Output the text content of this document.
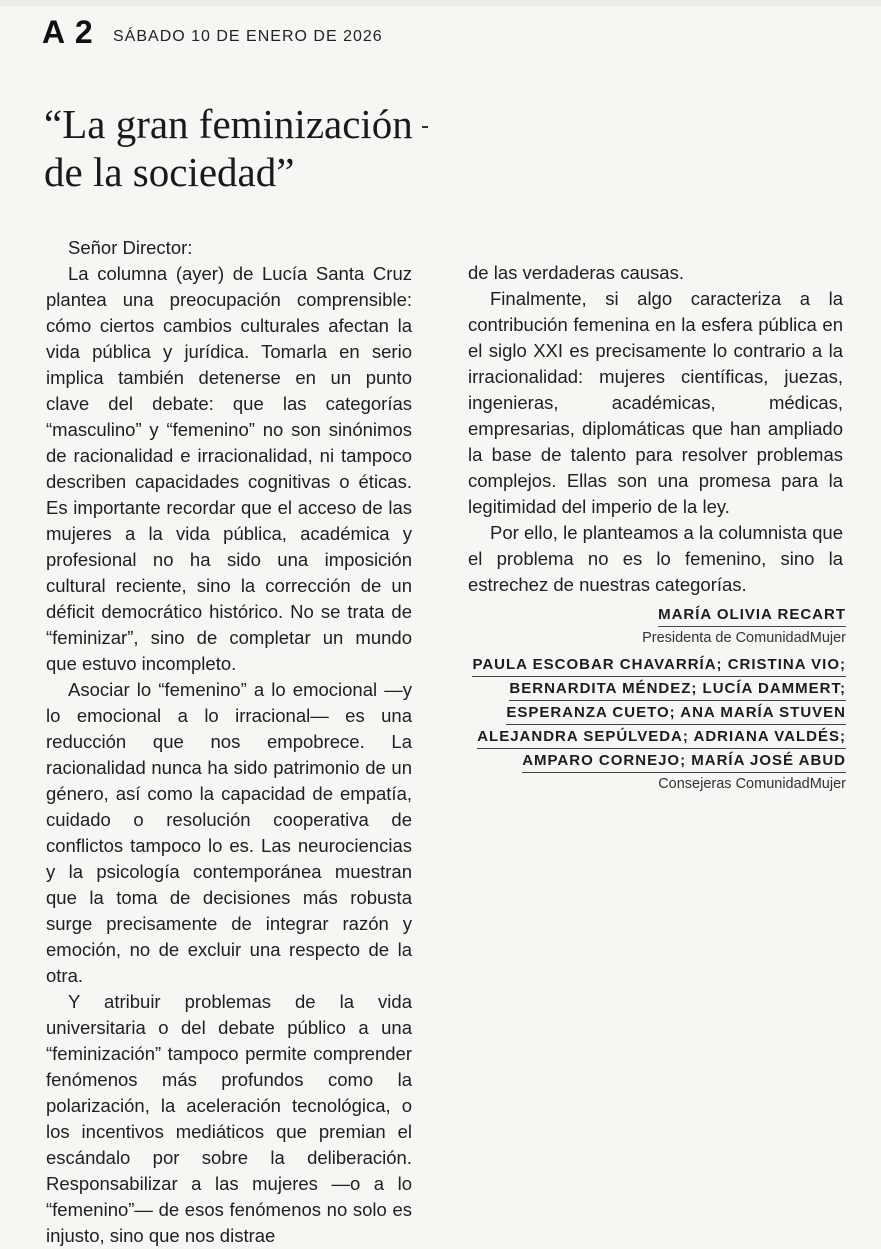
A 2 SÁBADO 10 DE ENERO DE 2026
“La gran feminización
de la sociedad”

Señor Director:

La columna (ayer) de Lucía Santa Cruz plantea una preocupación comprensible: cómo ciertos cambios culturales afectan la vida pública y jurídica. Tomarla en serio implica también detenerse en un punto clave del debate: que las categorías “masculino” y “femenino” no son sinónimos de racionalidad e irracionalidad, ni tampoco describen capacidades cognitivas o éticas. Es importante recordar que el acceso de las mujeres a la vida pública, académica y profesional no ha sido una imposición cultural reciente, sino la corrección de un déficit democrático histórico. No se trata de “feminizar”, sino de completar un mundo que estuvo incompleto.

Asociar lo “femenino” a lo emocional —y lo emocional a lo irracional— es una reducción que nos empobrece. La racionalidad nunca ha sido patrimonio de un género, así como la capacidad de empatía, cuidado o resolución cooperativa de conflictos tampoco lo es. Las neurociencias y la psicología contemporánea muestran que la toma de decisiones más robusta surge precisamente de integrar razón y emoción, no de excluir una respecto de la otra.

Y atribuir problemas de la vida universitaria o del debate público a una “feminización” tampoco permite comprender fenómenos más profundos como la polarización, la aceleración tecnológica, o los incentivos mediáticos que premian el escándalo por sobre la deliberación. Responsabilizar a las mujeres —o a lo “femenino”— de esos fenómenos no solo es injusto, sino que nos distrae

de las verdaderas causas.

Finalmente, si algo caracteriza a la contribución femenina en la esfera pública en el siglo XXI es precisamente lo contrario a la irracionalidad: mujeres científicas, juezas, ingenieras, académicas, médicas, empresarias, diplomáticas que han ampliado la base de talento para resolver problemas complejos. Ellas son una promesa para la legitimidad del imperio de la ley.

Por ello, le planteamos a la columnista que el problema no es lo femenino, sino la estrechez de nuestras categorías.

MARÍA OLIVIA RECART
Presidenta de ComunidadMujer
PAULA ESCOBAR CHAVARRÍA; CRISTINA VIO;
BERNARDITA MÉNDEZ; LUCÍA DAMMERT;
ESPERANZA CUETO; ANA MARÍA STUVEN
ALEJANDRA SEPÚLVEDA; ADRIANA VALDÉS;
AMPARO CORNEJO; MARÍA JOSÉ ABUD
Consejeras ComunidadMujer
